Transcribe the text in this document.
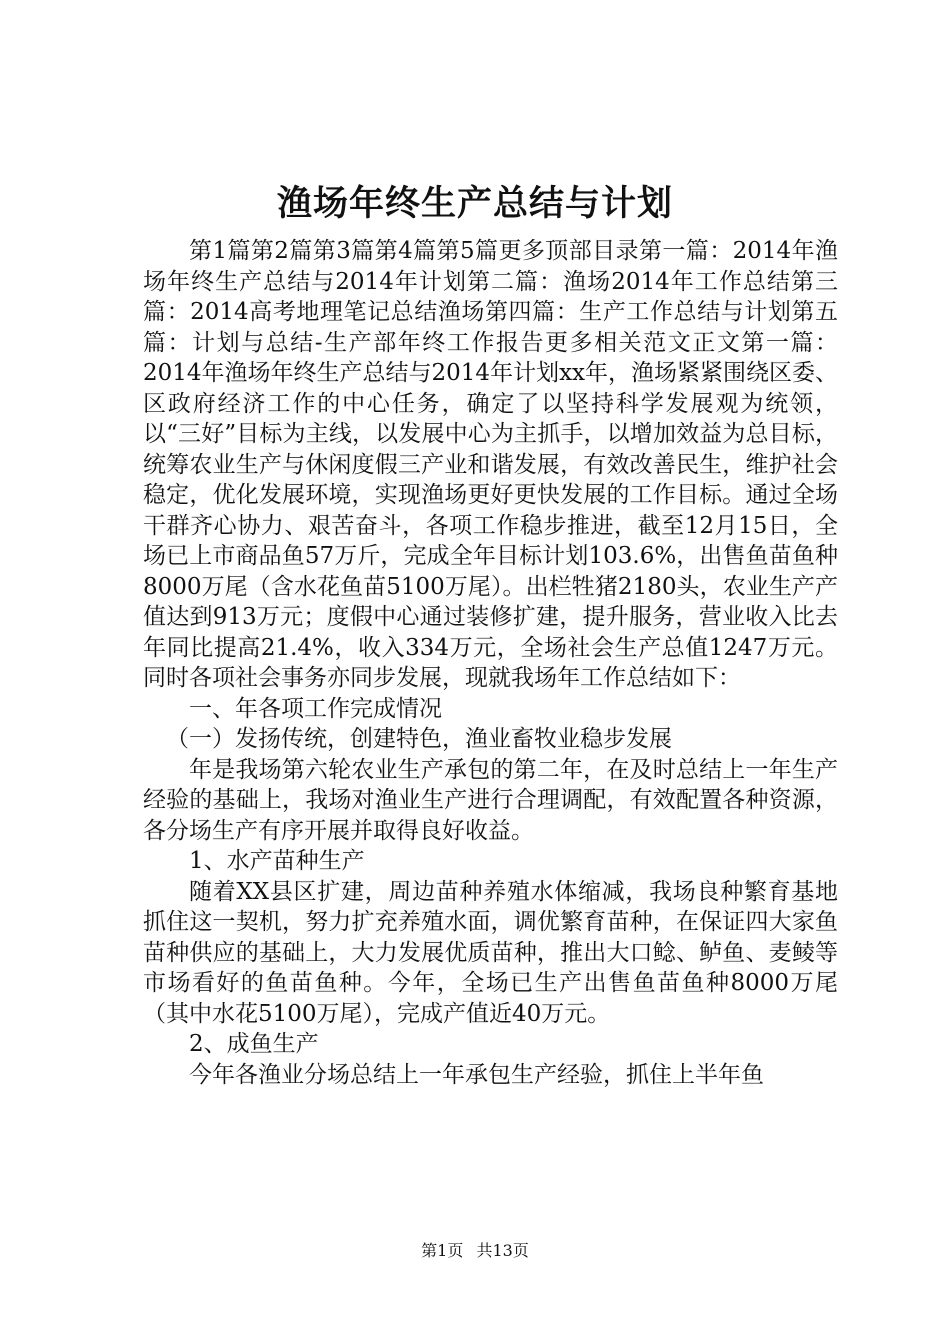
渔场年终生产总结与计划

第1篇第2篇第3篇第4篇第5篇更多顶部目录第一篇：2014年渔场年终生产总结与2014年计划第二篇：渔场2014年工作总结第三篇：2014高考地理笔记总结渔场第四篇：生产工作总结与计划第五篇：计划与总结-生产部年终工作报告更多相关范文正文第一篇：2014年渔场年终生产总结与2014年计划xx年，渔场紧紧围绕区委、区政府经济工作的中心任务，确定了以坚持科学发展观为统领，以“三好”目标为主线，以发展中心为主抓手，以增加效益为总目标，统筹农业生产与休闲度假三产业和谐发展，有效改善民生，维护社会稳定，优化发展环境，实现渔场更好更快发展的工作目标。通过全场干群齐心协力、艰苦奋斗，各项工作稳步推进，截至12月15日，全场已上市商品鱼57万斤，完成全年目标计划103.6%，出售鱼苗鱼种8000万尾（含水花鱼苗5100万尾）。出栏牲猪2180头，农业生产产值达到913万元；度假中心通过装修扩建，提升服务，营业收入比去年同比提高21.4%，收入334万元，全场社会生产总值1247万元。同时各项社会事务亦同步发展，现就我场年工作总结如下：

一、年各项工作完成情况

（一）发扬传统，创建特色，渔业畜牧业稳步发展

年是我场第六轮农业生产承包的第二年，在及时总结上一年生产经验的基础上，我场对渔业生产进行合理调配，有效配置各种资源，各分场生产有序开展并取得良好收益。

1、水产苗种生产

随着XX县区扩建，周边苗种养殖水体缩减，我场良种繁育基地抓住这一契机，努力扩充养殖水面，调优繁育苗种，在保证四大家鱼苗种供应的基础上，大力发展优质苗种，推出大口鲶、鲈鱼、麦鲮等市场看好的鱼苗鱼种。今年，全场已生产出售鱼苗鱼种8000万尾（其中水花5100万尾），完成产值近40万元。

2、成鱼生产

今年各渔业分场总结上一年承包生产经验，抓住上半年鱼

第1页 共13页
